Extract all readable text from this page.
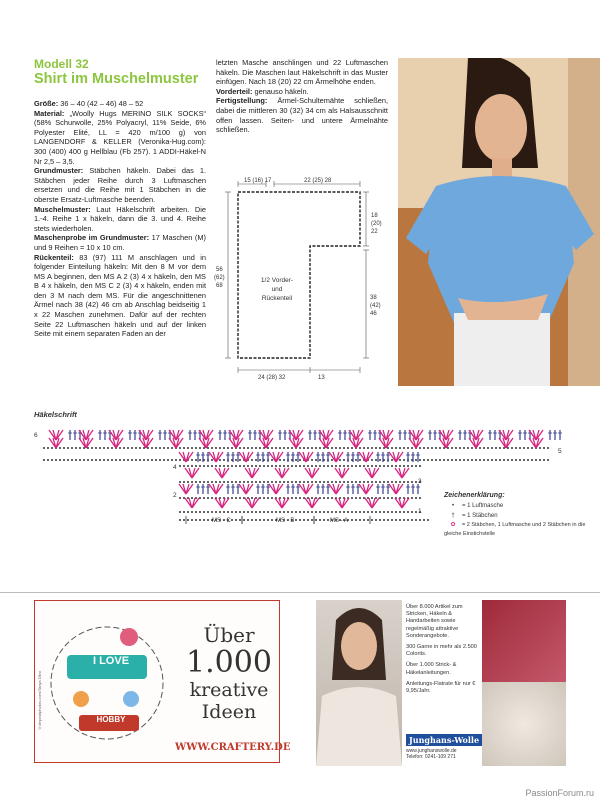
Modell 32
Shirt im Muschelmuster

Größe: 36 – 40 (42 – 46) 48 – 52

Material: „Woolly Hugs MERINO SILK SOCKS“ (58% Schurwolle, 25% Polyacryl, 11% Seide, 6% Polyester Elité, LL = 420 m/100 g) von LANGENDORF & KELLER (Veronika-Hug.com): 300 (400) 400 g Hellblau (Fb 257). 1 ADDI-Häkel-N Nr 2,5 – 3,5.

Grundmuster: Stäbchen häkeln. Dabei das 1. Stäbchen jeder Reihe durch 3 Luftmaschen ersetzen und die Reihe mit 1 Stäbchen in die oberste Ersatz-Luftmasche beenden.

Muschelmuster: Laut Häkelschrift arbeiten. Die 1.-4. Reihe 1 x häkeln, dann die 3. und 4. Reihe stets wiederholen.

Maschenprobe im Grundmuster: 17 Maschen (M) und 9 Reihen = 10 x 10 cm.

Rückenteil: 83 (97) 111 M anschlagen und in folgender Einteilung häkeln: Mit den 8 M vor dem MS A beginnen, den MS A 2 (3) 4 x häkeln, den MS B 4 x häkeln, den MS C 2 (3) 4 x häkeln, enden mit den 3 M nach dem MS. Für die angeschnittenen Ärmel nach 38 (42) 46 cm ab Anschlag beidseitig 1 x 22 Maschen zunehmen. Dafür auf der rechten Seite 22 Luftmaschen häkeln und auf der linken Seite mit einem separaten Faden an der

letzten Masche anschlingen und 22 Luftmaschen häkeln. Die Maschen laut Häkelschrift in das Muster einfügen. Nach 18 (20) 22 cm Ärmelhöhe enden.

Vorderteil: genauso häkeln.

Fertigstellung: Ärmel-Schultemähte schließen, dabei die mittleren 30 (32) 34 cm als Halsausschnitt offen lassen. Seiten- und untere Ärmelnähte schließen.

15 (16) 17	22 (25) 28
18
(20)
22
56
(62)
68
1/2 Vorder-
und
Rückenteil	38
(42)
46
24 (28) 32	13
Häkelschrift
6
5
4
3
2
1
MS - C	MS - B	MS - A
Zeichenerklärung:
• = 1 Luftmasche
† = 1 Stäbchen
✿ = 2 Stäbchen, 1 Luftmasche und 2 Stäbchen in die gleiche Einstichstelle
I LOVE
HOBBY
©depositphotos.com/Tanya Dibo
Über
1.000
kreative
Ideen
WWW.CRAFTERY.DE
Über 8.000 Artikel zum Stricken, Häkeln & Handarbeiten sowie regelmäßig attraktive Sonderangebote.
300 Garne in mehr als 2.500 Colorits.
Über 1.000 Strick- & Häkelanleitungen.
Anleitungs-Flatrate für nur € 9,95/Jahr.
Junghans-Wolle
www.junghanswolle.de
Telefon: 0241-109 271
PassionForum.ru
